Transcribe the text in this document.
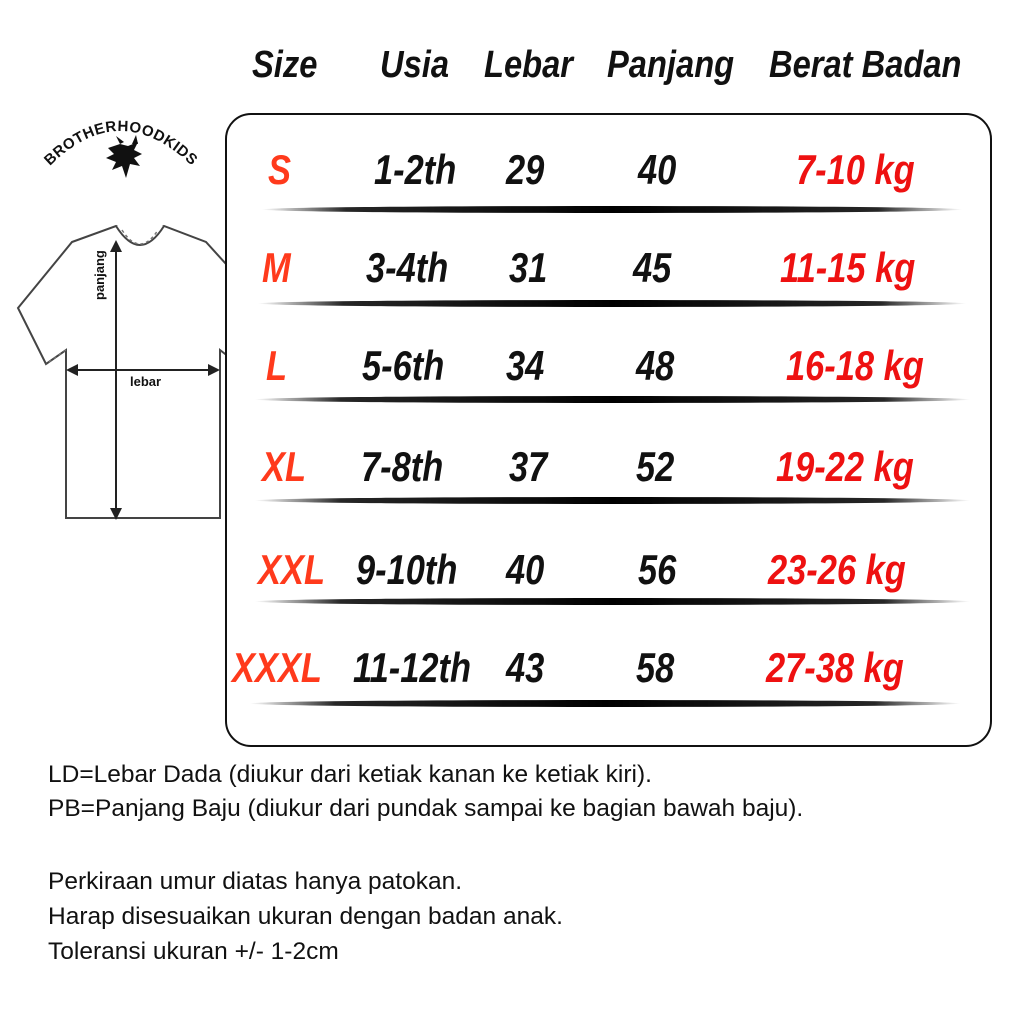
Size Usia Lebar Panjang Berat Badan
BROTHERHOODKIDS
panjang
lebar
S 1-2th 29 40	7-10 kg
M 3-4th 31 45	11-15 kg
L 5-6th 34 48	16-18 kg
XL 7-8th 37 52 19-22 kg
XXL 9-10th 40 56 23-26 kg
XXXL 11-12th 43 58 27-38 kg
LD=Lebar Dada (diukur dari ketiak kanan ke ketiak kiri).
PB=Panjang Baju (diukur dari pundak sampai ke bagian bawah baju).
Perkiraan umur diatas hanya patokan.
Harap disesuaikan ukuran dengan badan anak.
Toleransi ukuran +/- 1-2cm
